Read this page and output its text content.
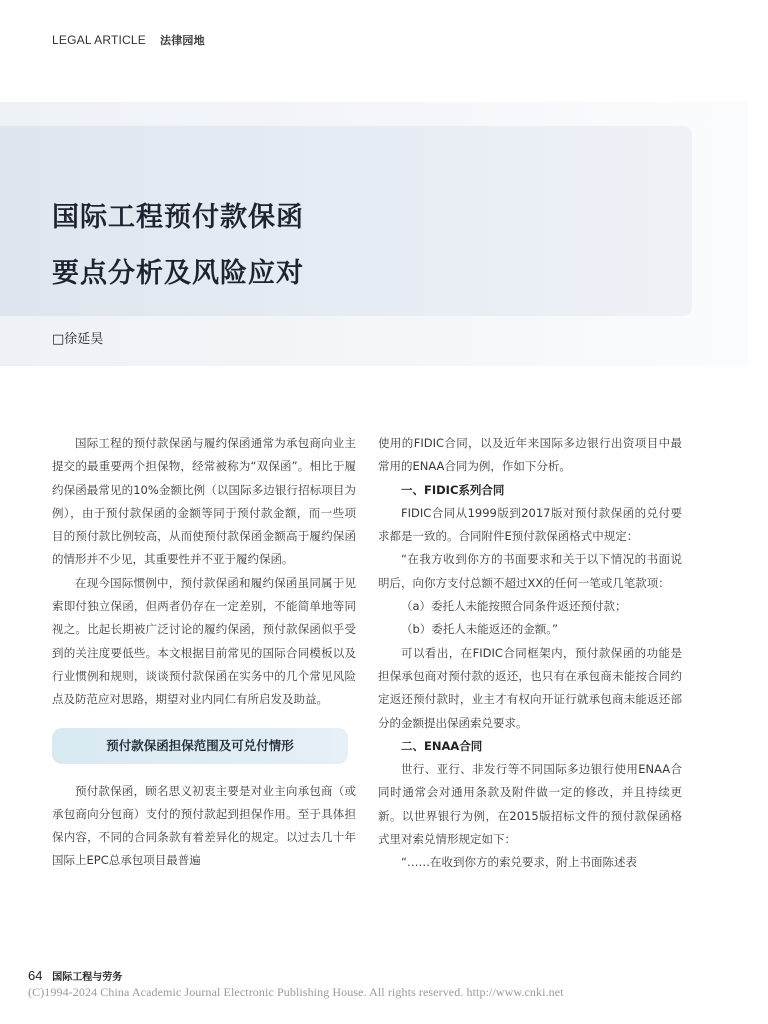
LEGAL ARTICLE 法律园地
国际工程预付款保函
要点分析及风险应对
□徐延昊

国际工程的预付款保函与履约保函通常为承包商向业主提交的最重要两个担保物，经常被称为“双保函”。相比于履约保函最常见的10%金额比例（以国际多边银行招标项目为例），由于预付款保函的金额等同于预付款金额，而一些项目的预付款比例较高，从而使预付款保函金额高于履约保函的情形并不少见，其重要性并不亚于履约保函。

在现今国际惯例中，预付款保函和履约保函虽同属于见索即付独立保函，但两者仍存在一定差别，不能简单地等同视之。比起长期被广泛讨论的履约保函，预付款保函似乎受到的关注度要低些。本文根据目前常见的国际合同模板以及行业惯例和规则，谈谈预付款保函在实务中的几个常见风险点及防范应对思路，期望对业内同仁有所启发及助益。

预付款保函担保范围及可兑付情形

预付款保函，顾名思义初衷主要是对业主向承包商（或承包商向分包商）支付的预付款起到担保作用。至于具体担保内容，不同的合同条款有着差异化的规定。以过去几十年国际上EPC总承包项目最普遍

使用的FIDIC合同，以及近年来国际多边银行出资项目中最常用的ENAA合同为例，作如下分析。

一、FIDIC系列合同

FIDIC合同从1999版到2017版对预付款保函的兑付要求都是一致的。合同附件E预付款保函格式中规定：

“在我方收到你方的书面要求和关于以下情况的书面说明后，向你方支付总额不超过XX的任何一笔或几笔款项：

（a）委托人未能按照合同条件返还预付款；

（b）委托人未能返还的金额。”

可以看出，在FIDIC合同框架内，预付款保函的功能是担保承包商对预付款的返还，也只有在承包商未能按合同约定返还预付款时，业主才有权向开证行就承包商未能返还部分的金额提出保函索兑要求。

二、ENAA合同

世行、亚行、非发行等不同国际多边银行使用ENAA合同时通常会对通用条款及附件做一定的修改，并且持续更新。以世界银行为例，在2015版招标文件的预付款保函格式里对索兑情形规定如下：

“……在收到你方的索兑要求，附上书面陈述表

64 国际工程与劳务
(C)1994-2024 China Academic Journal Electronic Publishing House. All rights reserved. http://www.cnki.net
